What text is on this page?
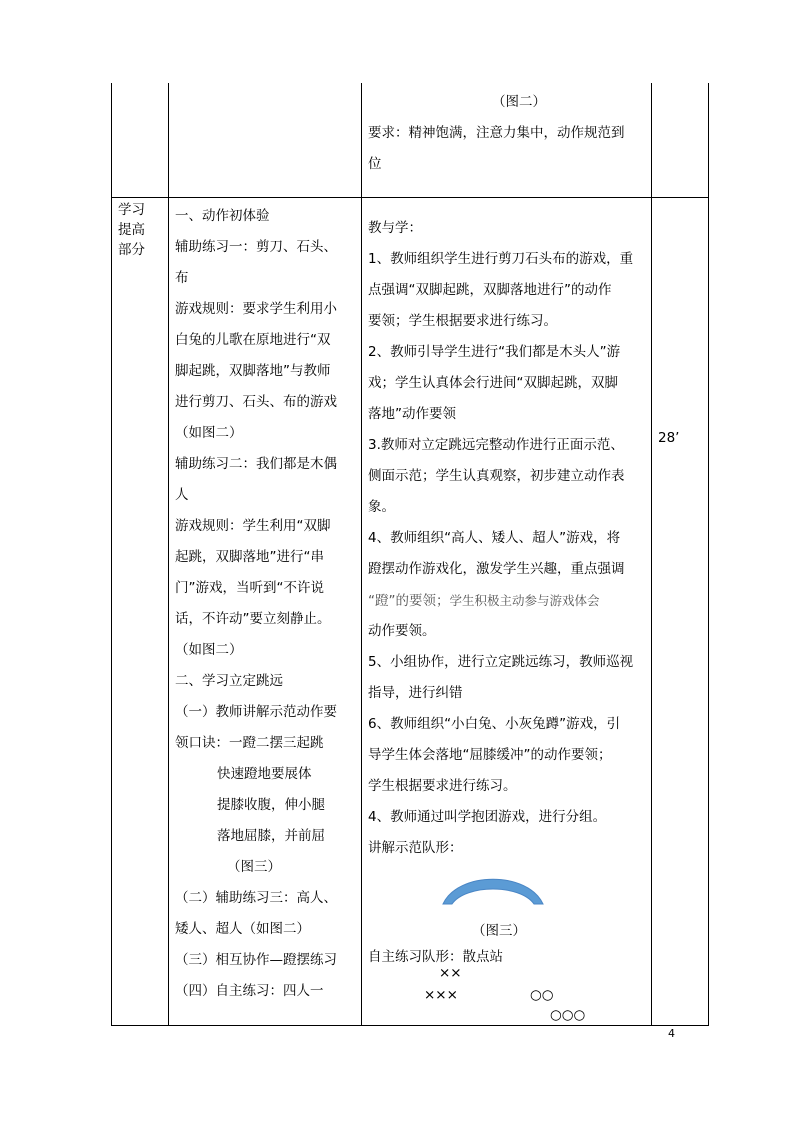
（图二）
要求：精神饱满，注意力集中，动作规范到
位
学习
提高
部分
一、动作初体验
辅助练习一：剪刀、石头、
布
游戏规则：要求学生利用小
白兔的儿歌在原地进行“双
脚起跳，双脚落地”与教师
进行剪刀、石头、布的游戏
（如图二）
辅助练习二：我们都是木偶
人
游戏规则：学生利用“双脚
起跳，双脚落地”进行“串
门”游戏，当听到“不许说
话，不许动”要立刻静止。
（如图二）
二、学习立定跳远
（一）教师讲解示范动作要
领口诀：一蹬二摆三起跳
快速蹬地要展体
提膝收腹，伸小腿
落地屈膝，并前屈
（图三）
（二）辅助练习三：高人、
矮人、超人（如图二）
（三）相互协作—蹬摆练习
（四）自主练习：四人一
教与学：
1、教师组织学生进行剪刀石头布的游戏，重
点强调“双脚起跳，双脚落地进行”的动作
要领；学生根据要求进行练习。
2、教师引导学生进行“我们都是木头人”游
戏；学生认真体会行进间“双脚起跳，双脚
落地”动作要领
3.教师对立定跳远完整动作进行正面示范、
侧面示范；学生认真观察，初步建立动作表
象。
4、教师组织“高人、矮人、超人”游戏，将
蹬摆动作游戏化，激发学生兴趣，重点强调
“蹬”的要领；学生积极主动参与游戏体会
动作要领。
5、小组协作，进行立定跳远练习，教师巡视
指导，进行纠错
6、教师组织“小白兔、小灰兔蹲”游戏，引
导学生体会落地“屈膝缓冲”的动作要领；
学生根据要求进行练习。
4、教师通过叫学抱团游戏，进行分组。
讲解示范队形：
（图三）
自主练习队形：散点站
××
×××	○○
○○○
28’
4
